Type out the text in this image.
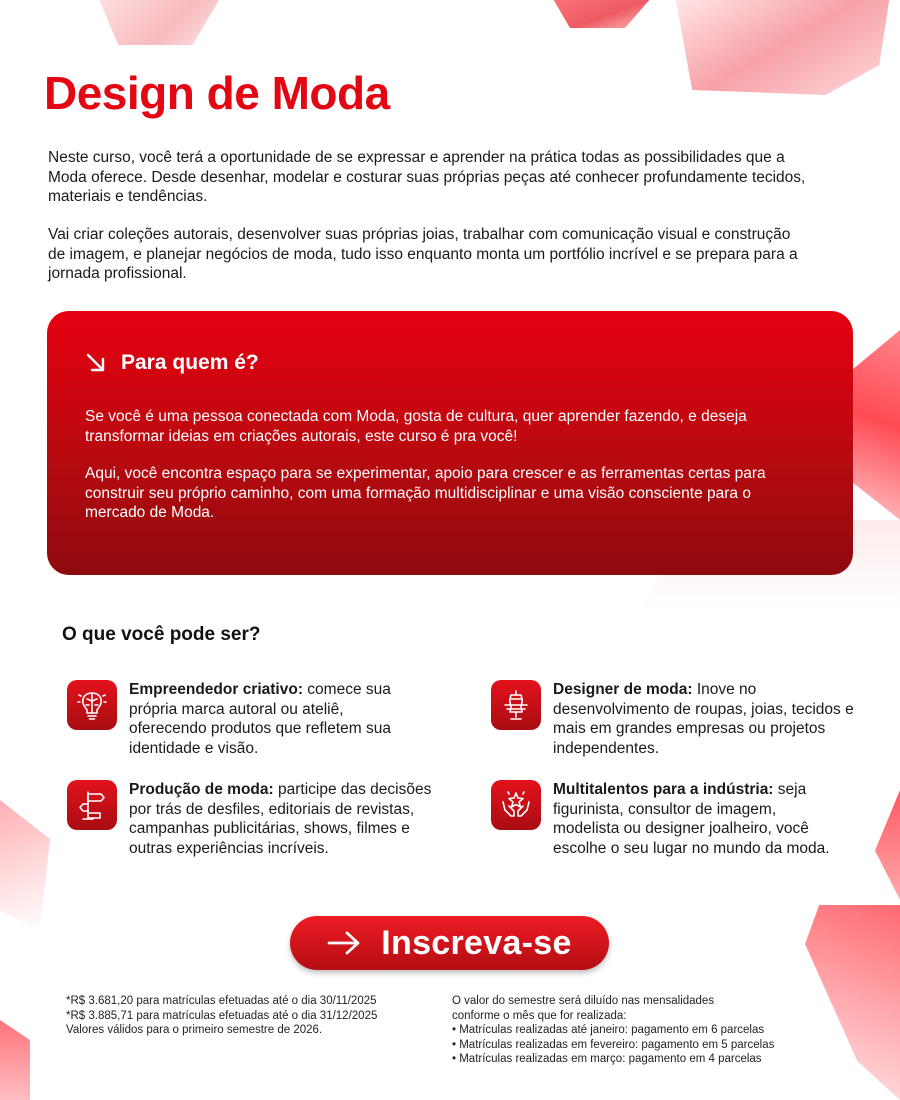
Design de Moda

Neste curso, você terá a oportunidade de se expressar e aprender na prática todas as possibilidades que a Moda oferece. Desde desenhar, modelar e costurar suas próprias peças até conhecer profundamente tecidos, materiais e tendências.

Vai criar coleções autorais, desenvolver suas próprias joias, trabalhar com comunicação visual e construção de imagem, e planejar negócios de moda, tudo isso enquanto monta um portfólio incrível e se prepara para a jornada profissional.

Para quem é?

Se você é uma pessoa conectada com Moda, gosta de cultura, quer aprender fazendo, e deseja transformar ideias em criações autorais, este curso é pra você!

Aqui, você encontra espaço para se experimentar, apoio para crescer e as ferramentas certas para construir seu próprio caminho, com uma formação multidisciplinar e uma visão consciente para o mercado de Moda.

O que você pode ser?
Empreendedor criativo: comece sua própria marca autoral ou ateliê, oferecendo produtos que refletem sua identidade e visão.
Designer de moda: Inove no desenvolvimento de roupas, joias, tecidos e mais em grandes empresas ou projetos independentes.
Produção de moda: participe das decisões por trás de desfiles, editoriais de revistas, campanhas publicitárias, shows, filmes e outras experiências incríveis.
Multitalentos para a indústria: seja figurinista, consultor de imagem, modelista ou designer joalheiro, você escolhe o seu lugar no mundo da moda.
Inscreva-se

*R$ 3.681,20 para matrículas efetuadas até o dia 30/11/2025
*R$ 3.885,71 para matrículas efetuadas até o dia 31/12/2025
Valores válidos para o primeiro semestre de 2026.

O valor do semestre será diluído nas mensalidades
conforme o mês que for realizada:
• Matrículas realizadas até janeiro: pagamento em 6 parcelas
• Matrículas realizadas em fevereiro: pagamento em 5 parcelas
• Matrículas realizadas em março: pagamento em 4 parcelas
